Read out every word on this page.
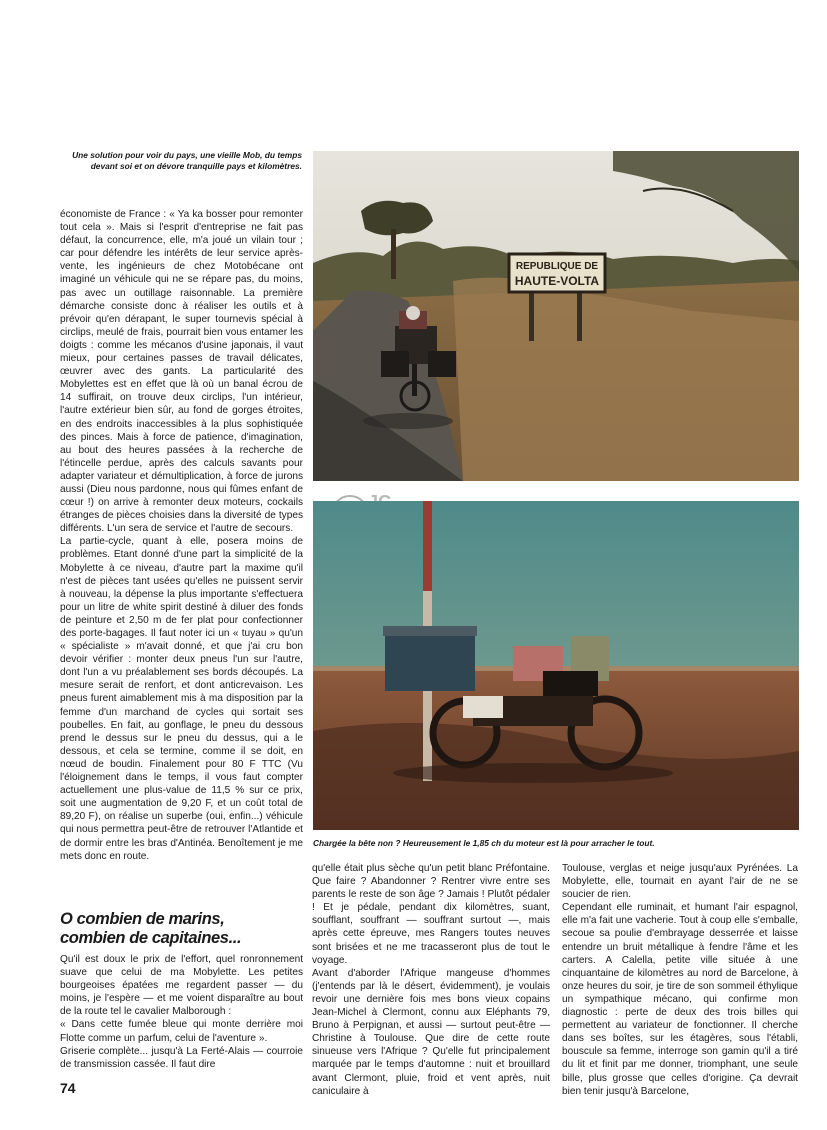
Une solution pour voir du pays, une vieille Mob, du temps devant soi et on dévore tranquille pays et kilomètres.
REPUBLIQUE DE
HAUTE-VOLTA
Chargée la bête non ? Heureusement le 1,85 ch du moteur est là pour arracher le tout.

économiste de France : « Ya ka bosser pour remonter tout cela ». Mais si l'esprit d'entreprise ne fait pas défaut, la concurrence, elle, m'a joué un vilain tour ; car pour défendre les intérêts de leur service après-vente, les ingénieurs de chez Motobécane ont imaginé un véhicule qui ne se répare pas, du moins, pas avec un outillage raisonnable. La première démarche consiste donc à réaliser les outils et à prévoir qu'en dérapant, le super tournevis spécial à circlips, meulé de frais, pourrait bien vous entamer les doigts : comme les mécanos d'usine japonais, il vaut mieux, pour certaines passes de travail délicates, œuvrer avec des gants. La particularité des Mobylettes est en effet que là où un banal écrou de 14 suffirait, on trouve deux circlips, l'un intérieur, l'autre extérieur bien sûr, au fond de gorges étroites, en des endroits inaccessibles à la plus sophistiquée des pinces. Mais à force de patience, d'imagination, au bout des heures passées à la recherche de l'étincelle perdue, après des calculs savants pour adapter variateur et démultiplication, à force de jurons aussi (Dieu nous pardonne, nous qui fûmes enfant de cœur !) on arrive à remonter deux moteurs, cockails étranges de pièces choisies dans la diversité de types différents. L'un sera de service et l'autre de secours.

La partie-cycle, quant à elle, posera moins de problèmes. Etant donné d'une part la simplicité de la Mobylette à ce niveau, d'autre part la maxime qu'il n'est de pièces tant usées qu'elles ne puissent servir à nouveau, la dépense la plus importante s'effectuera pour un litre de white spirit destiné à diluer des fonds de peinture et 2,50 m de fer plat pour confectionner des porte-bagages. Il faut noter ici un « tuyau » qu'un « spécialiste » m'avait donné, et que j'ai cru bon devoir vérifier : monter deux pneus l'un sur l'autre, dont l'un a vu préalablement ses bords découpés. La mesure serait de renfort, et dont anticrevaison. Les pneus furent aimablement mis à ma disposition par la femme d'un marchand de cycles qui sortait ses poubelles. En fait, au gonflage, le pneu du dessous prend le dessus sur le pneu du dessus, qui a le dessous, et cela se termine, comme il se doit, en nœud de boudin. Finalement pour 80 F TTC (Vu l'éloignement dans le temps, il vous faut compter actuellement une plus-value de 11,5 % sur ce prix, soit une augmentation de 9,20 F, et un coût total de 89,20 F), on réalise un superbe (oui, enfin...) véhicule qui nous permettra peut-être de retrouver l'Atlantide et de dormir entre les bras d'Antinéa. Benoîtement je me mets donc en route.

O combien de marins,
combien de capitaines...

Qu'il est doux le prix de l'effort, quel ronronnement suave que celui de ma Mobylette. Les petites bourgeoises épatées me regardent passer — du moins, je l'espère — et me voient disparaître au bout de la route tel le cavalier Malborough :

« Dans cette fumée bleue qui monte derrière moi Flotte comme un parfum, celui de l'aventure ».

Griserie complète... jusqu'à La Ferté-Alais — courroie de transmission cassée. Il faut dire

qu'elle était plus sèche qu'un petit blanc Préfontaine. Que faire ? Abandonner ? Rentrer vivre entre ses parents le reste de son âge ? Jamais ! Plutôt pédaler ! Et je pédale, pendant dix kilomètres, suant, soufflant, souffrant — souffrant surtout —, mais après cette épreuve, mes Rangers toutes neuves sont brisées et ne me tracasseront plus de tout le voyage.

Avant d'aborder l'Afrique mangeuse d'hommes (j'entends par là le désert, évidemment), je voulais revoir une dernière fois mes bons vieux copains Jean-Michel à Clermont, connu aux Eléphants 79, Bruno à Perpignan, et aussi — surtout peut-être — Christine à Toulouse. Que dire de cette route sinueuse vers l'Afrique ? Qu'elle fut principalement marquée par le temps d'automne : nuit et brouillard avant Clermont, pluie, froid et vent après, nuit caniculaire à

Toulouse, verglas et neige jusqu'aux Pyrénées. La Mobylette, elle, tournait en ayant l'air de ne se soucier de rien.

Cependant elle ruminait, et humant l'air espagnol, elle m'a fait une vacherie. Tout à coup elle s'emballe, secoue sa poulie d'embrayage desserrée et laisse entendre un bruit métallique à fendre l'âme et les carters. A Calella, petite ville située à une cinquantaine de kilomètres au nord de Barcelone, à onze heures du soir, je tire de son sommeil éthylique un sympathique mécano, qui confirme mon diagnostic : perte de deux des trois billes qui permettent au variateur de fonctionner. Il cherche dans ses boîtes, sur les étagères, sous l'établi, bouscule sa femme, interroge son gamin qu'il a tiré du lit et finit par me donner, triomphant, une seule bille, plus grosse que celles d'origine. Ça devrait bien tenir jusqu'à Barcelone,

74
